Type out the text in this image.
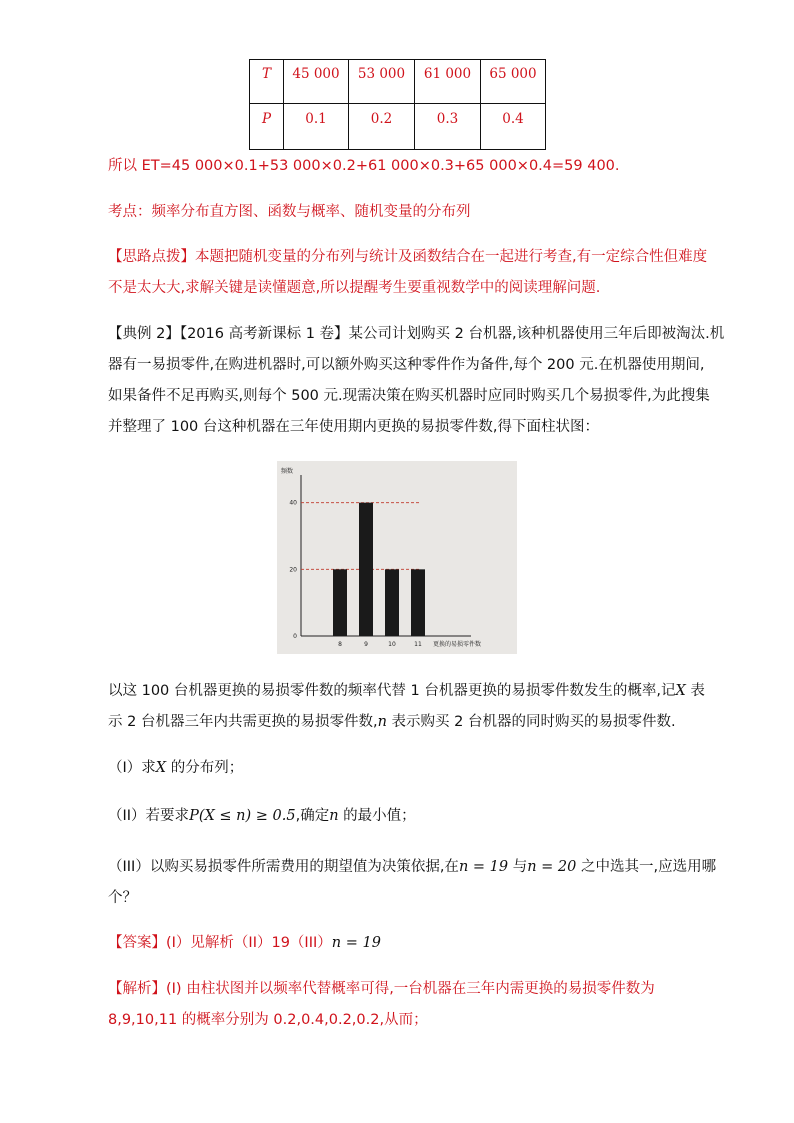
T	45 000	53 000	61 000	65 000
P	0.1	0.2	0.3	0.4
所以 ET=45 000×0.1+53 000×0.2+61 000×0.3+65 000×0.4=59 400.
考点：频率分布直方图、函数与概率、随机变量的分布列
【思路点拨】本题把随机变量的分布列与统计及函数结合在一起进行考查,有一定综合性但难度
不是太大大,求解关键是读懂题意,所以提醒考生要重视数学中的阅读理解问题.
【典例 2】【2016 高考新课标 1 卷】某公司计划购买 2 台机器,该种机器使用三年后即被淘汰.机
器有一易损零件,在购进机器时,可以额外购买这种零件作为备件,每个 200 元.在机器使用期间,
如果备件不足再购买,则每个 500 元.现需决策在购买机器时应同时购买几个易损零件,为此搜集
并整理了 100 台这种机器在三年使用期内更换的易损零件数,得下面柱状图：
频数
0
20
40
8	9	10	11 更换的易损零件数
以这 100 台机器更换的易损零件数的频率代替 1 台机器更换的易损零件数发生的概率,记X 表
示 2 台机器三年内共需更换的易损零件数,n 表示购买 2 台机器的同时购买的易损零件数.
（I）求X 的分布列；
（II）若要求P(X ≤ n) ≥ 0.5,确定n 的最小值；
（III）以购买易损零件所需费用的期望值为决策依据,在n = 19 与n = 20 之中选其一,应选用哪
个？
【答案】(I）见解析（II）19（III）n = 19
【解析】(Ⅰ) 由柱状图并以频率代替概率可得,一台机器在三年内需更换的易损零件数为
8,9,10,11 的概率分别为 0.2,0.4,0.2,0.2,从而；
